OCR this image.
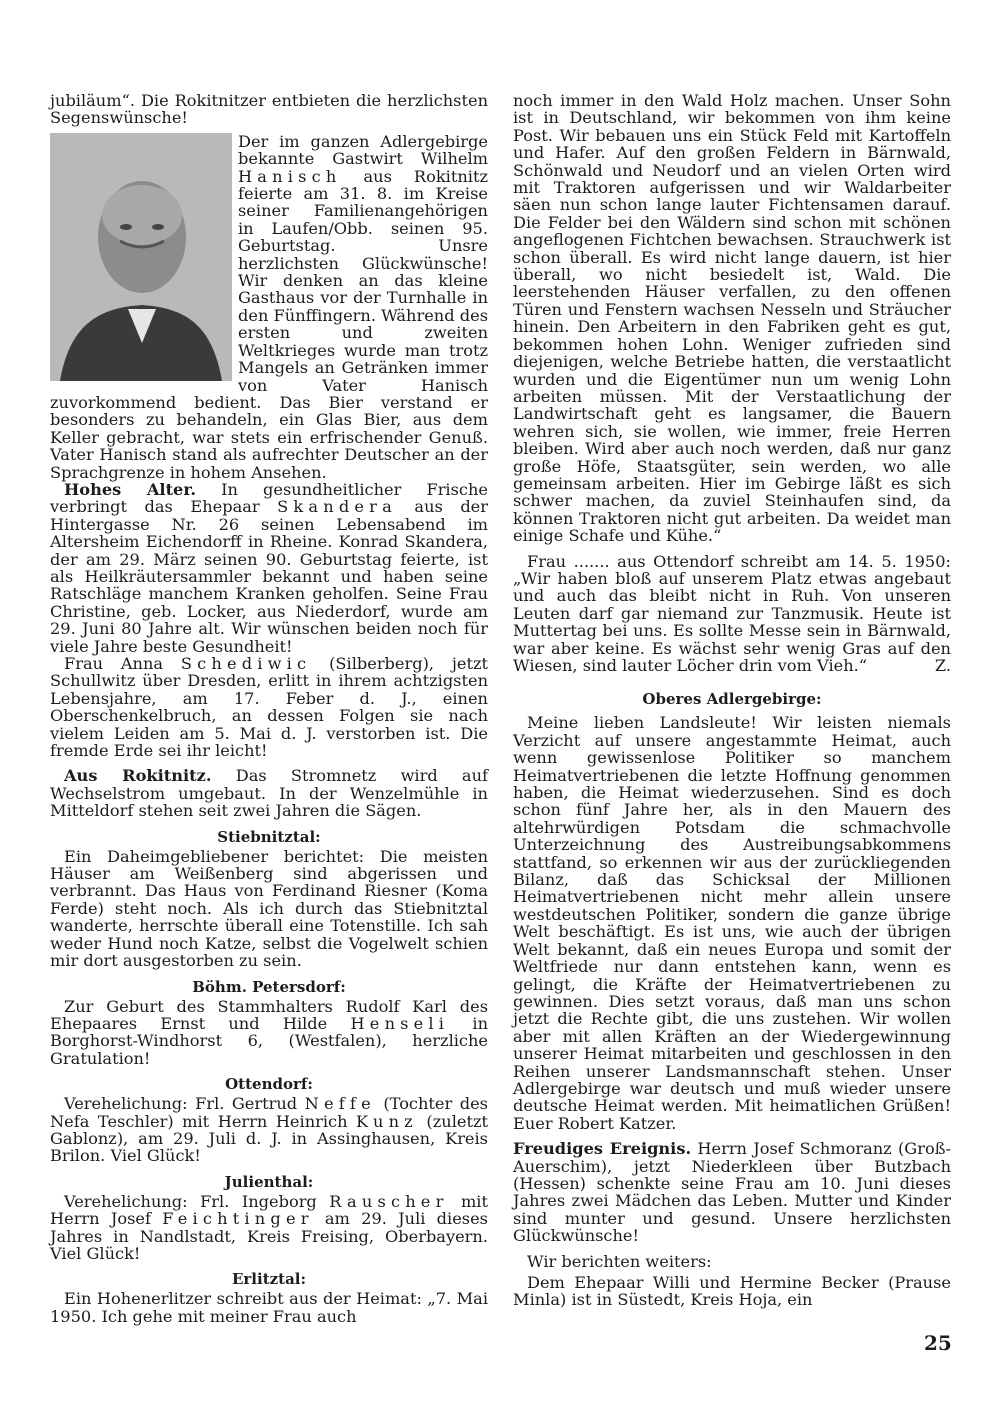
jubiläum“. Die Rokitnitzer entbieten die herzlichsten Segenswünsche!

Der im ganzen Adlergebirge bekannte Gastwirt Wilhelm Hanisch aus Rokitnitz feierte am 31. 8. im Kreise seiner Familienangehörigen in Laufen/Obb. seinen 95. Geburtstag. Unsre herzlichsten Glückwünsche! Wir denken an das kleine Gasthaus vor der Turnhalle in den Fünffingern. Während des ersten und zweiten Weltkrieges wurde man trotz Mangels an Getränken immer von Vater Hanisch zuvorkommend bedient. Das Bier verstand er besonders zu behandeln, ein Glas Bier, aus dem Keller gebracht, war stets ein erfrischender Genuß. Vater Hanisch stand als aufrechter Deutscher an der Sprachgrenze in hohem Ansehen.

Hohes Alter. In gesundheitlicher Frische verbringt das Ehepaar Skandera aus der Hintergasse Nr. 26 seinen Lebensabend im Altersheim Eichendorff in Rheine. Konrad Skandera, der am 29. März seinen 90. Geburtstag feierte, ist als Heilkräutersammler bekannt und haben seine Ratschläge manchem Kranken geholfen. Seine Frau Christine, geb. Locker, aus Niederdorf, wurde am 29. Juni 80 Jahre alt. Wir wünschen beiden noch für viele Jahre beste Gesundheit!

Frau Anna Schediwic (Silberberg), jetzt Schullwitz über Dresden, erlitt in ihrem achtzigsten Lebensjahre, am 17. Feber d. J., einen Oberschenkelbruch, an dessen Folgen sie nach vielem Leiden am 5. Mai d. J. verstorben ist. Die fremde Erde sei ihr leicht!

Aus Rokitnitz. Das Stromnetz wird auf Wechselstrom umgebaut. In der Wenzelmühle in Mitteldorf stehen seit zwei Jahren die Sägen.

Stiebnitztal:

Ein Daheimgebliebener berichtet: Die meisten Häuser am Weißenberg sind abgerissen und verbrannt. Das Haus von Ferdinand Riesner (Koma Ferde) steht noch. Als ich durch das Stiebnitztal wanderte, herrschte überall eine Totenstille. Ich sah weder Hund noch Katze, selbst die Vogelwelt schien mir dort ausgestorben zu sein.

Böhm. Petersdorf:

Zur Geburt des Stammhalters Rudolf Karl des Ehepaares Ernst und Hilde Henseli in Borghorst-Windhorst 6, (Westfalen), herzliche Gratulation!

Ottendorf:

Verehelichung: Frl. Gertrud Neffe (Tochter des Nefa Teschler) mit Herrn Heinrich Kunz (zuletzt Gablonz), am 29. Juli d. J. in Assinghausen, Kreis Brilon. Viel Glück!

Julienthal:

Verehelichung: Frl. Ingeborg Rauscher mit Herrn Josef Feichtinger am 29. Juli dieses Jahres in Nandlstadt, Kreis Freising, Oberbayern. Viel Glück!

Erlitztal:

Ein Hohenerlitzer schreibt aus der Heimat: „7. Mai 1950. Ich gehe mit meiner Frau auch

noch immer in den Wald Holz machen. Unser Sohn ist in Deutschland, wir bekommen von ihm keine Post. Wir bebauen uns ein Stück Feld mit Kartoffeln und Hafer. Auf den großen Feldern in Bärnwald, Schönwald und Neudorf und an vielen Orten wird mit Traktoren aufgerissen und wir Waldarbeiter säen nun schon lange lauter Fichtensamen darauf. Die Felder bei den Wäldern sind schon mit schönen angeflogenen Fichtchen bewachsen. Strauchwerk ist schon überall. Es wird nicht lange dauern, ist hier überall, wo nicht besiedelt ist, Wald. Die leerstehenden Häuser verfallen, zu den offenen Türen und Fenstern wachsen Nesseln und Sträucher hinein. Den Arbeitern in den Fabriken geht es gut, bekommen hohen Lohn. Weniger zufrieden sind diejenigen, welche Betriebe hatten, die verstaatlicht wurden und die Eigentümer nun um wenig Lohn arbeiten müssen. Mit der Verstaatlichung der Landwirtschaft geht es langsamer, die Bauern wehren sich, sie wollen, wie immer, freie Herren bleiben. Wird aber auch noch werden, daß nur ganz große Höfe, Staatsgüter, sein werden, wo alle gemeinsam arbeiten. Hier im Gebirge läßt es sich schwer machen, da zuviel Steinhaufen sind, da können Traktoren nicht gut arbeiten. Da weidet man einige Schafe und Kühe.“

Frau ....... aus Ottendorf schreibt am 14. 5. 1950: „Wir haben bloß auf unserem Platz etwas angebaut und auch das bleibt nicht in Ruh. Von unseren Leuten darf gar niemand zur Tanzmusik. Heute ist Muttertag bei uns. Es sollte Messe sein in Bärnwald, war aber keine. Es wächst sehr wenig Gras auf den Wiesen, sind lauter Löcher drin vom Vieh.“	Z.

Oberes Adlergebirge:

Meine lieben Landsleute! Wir leisten niemals Verzicht auf unsere angestammte Heimat, auch wenn gewissenlose Politiker so manchem Heimatvertriebenen die letzte Hoffnung genommen haben, die Heimat wiederzusehen. Sind es doch schon fünf Jahre her, als in den Mauern des altehrwürdigen Potsdam die schmachvolle Unterzeichnung des Austreibungsabkommens stattfand, so erkennen wir aus der zurückliegenden Bilanz, daß das Schicksal der Millionen Heimatvertriebenen nicht mehr allein unsere westdeutschen Politiker, sondern die ganze übrige Welt beschäftigt. Es ist uns, wie auch der übrigen Welt bekannt, daß ein neues Europa und somit der Weltfriede nur dann entstehen kann, wenn es gelingt, die Kräfte der Heimatvertriebenen zu gewinnen. Dies setzt voraus, daß man uns schon jetzt die Rechte gibt, die uns zustehen. Wir wollen aber mit allen Kräften an der Wiedergewinnung unserer Heimat mitarbeiten und geschlossen in den Reihen unserer Landsmannschaft stehen. Unser Adlergebirge war deutsch und muß wieder unsere deutsche Heimat werden. Mit heimatlichen Grüßen! Euer Robert Katzer.

Freudiges Ereignis. Herrn Josef Schmoranz (Groß-Auerschim), jetzt Niederkleen über Butzbach (Hessen) schenkte seine Frau am 10. Juni dieses Jahres zwei Mädchen das Leben. Mutter und Kinder sind munter und gesund. Unsere herzlichsten Glückwünsche!

Wir berichten weiters:

Dem Ehepaar Willi und Hermine Becker (Prause Minla) ist in Süstedt, Kreis Hoja, ein

25
